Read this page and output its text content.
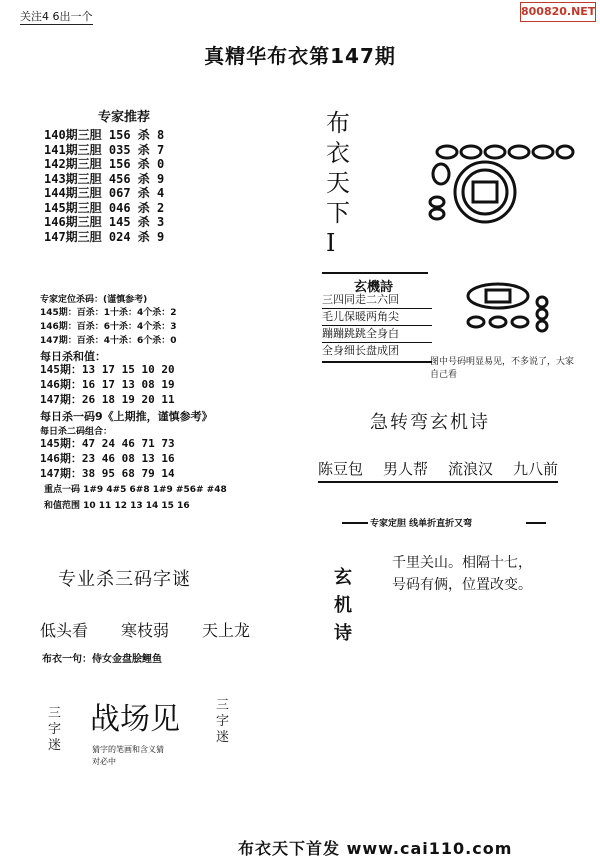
关注4 6出一个	800820.NET
真精华布衣第147期
专家推荐
140期三胆 156 杀 8
141期三胆 035 杀 7
142期三胆 156 杀 0
143期三胆 456 杀 9
144期三胆 067 杀 4
145期三胆 046 杀 2
146期三胆 145 杀 3
147期三胆 024 杀 9
布
衣
天
下
I
玄機詩
三四同走二六回
毛儿保暖两角尖
蹦蹦跳跳全身白
全身细长盘成团
图中号码明显易见，不多说了，大家自己看
专家定位杀码：(谨慎参考)
145期：百杀：1十杀：4个杀：2
146期：百杀：6十杀：4个杀：3
147期：百杀：4十杀：6个杀：0
每日杀和值：
145期：13 17 15 10 20
146期：16 17 13 08 19
147期：26 18 19 20 11
每日杀一码9《上期推，谨慎参考》
每日杀二码组合：
145期：47 24 46 71 73
146期：23 46 08 13 16
147期：38 95 68 79 14
重点一码 1#9 4#5 6#8 1#9 #56# #48
和值范围 10 11 12 13 14 15 16
急转弯玄机诗
陈豆包 男人帮 流浪汉 九八前
专家定胆 线单折直折又弯
专业杀三码字谜
低头看 寒枝弱 天上龙
布衣一句：侍女金盘脍鲤鱼
玄
机
诗
千里关山。相隔十七，
号码有俩，位置改变。
三
字
迷
战场见	三
字
迷
猜字的笔画和含义猜
对必中
布衣天下首发 www.cai110.com
